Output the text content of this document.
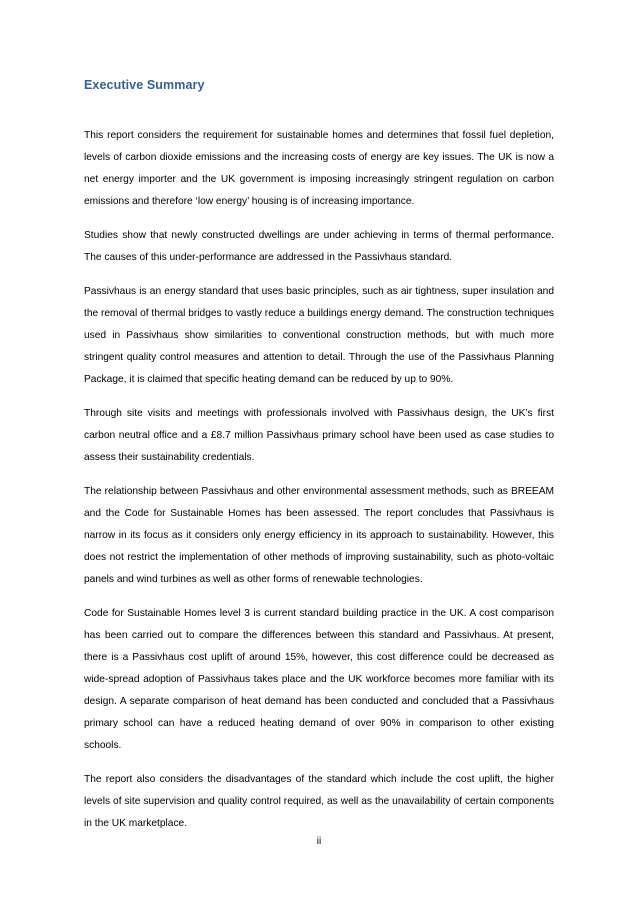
Executive Summary

This report considers the requirement for sustainable homes and determines that fossil fuel depletion, levels of carbon dioxide emissions and the increasing costs of energy are key issues. The UK is now a net energy importer and the UK government is imposing increasingly stringent regulation on carbon emissions and therefore ‘low energy’ housing is of increasing importance.

Studies show that newly constructed dwellings are under achieving in terms of thermal performance. The causes of this under-performance are addressed in the Passivhaus standard.

Passivhaus is an energy standard that uses basic principles, such as air tightness, super insulation and the removal of thermal bridges to vastly reduce a buildings energy demand. The construction techniques used in Passivhaus show similarities to conventional construction methods, but with much more stringent quality control measures and attention to detail. Through the use of the Passivhaus Planning Package, it is claimed that specific heating demand can be reduced by up to 90%.

Through site visits and meetings with professionals involved with Passivhaus design, the UK’s first carbon neutral office and a £8.7 million Passivhaus primary school have been used as case studies to assess their sustainability credentials.

The relationship between Passivhaus and other environmental assessment methods, such as BREEAM and the Code for Sustainable Homes has been assessed. The report concludes that Passivhaus is narrow in its focus as it considers only energy efficiency in its approach to sustainability. However, this does not restrict the implementation of other methods of improving sustainability, such as photo-voltaic panels and wind turbines as well as other forms of renewable technologies.

Code for Sustainable Homes level 3 is current standard building practice in the UK. A cost comparison has been carried out to compare the differences between this standard and Passivhaus. At present, there is a Passivhaus cost uplift of around 15%, however, this cost difference could be decreased as wide-spread adoption of Passivhaus takes place and the UK workforce becomes more familiar with its design. A separate comparison of heat demand has been conducted and concluded that a Passivhaus primary school can have a reduced heating demand of over 90% in comparison to other existing schools.

The report also considers the disadvantages of the standard which include the cost uplift, the higher levels of site supervision and quality control required, as well as the unavailability of certain components in the UK marketplace.

ii
